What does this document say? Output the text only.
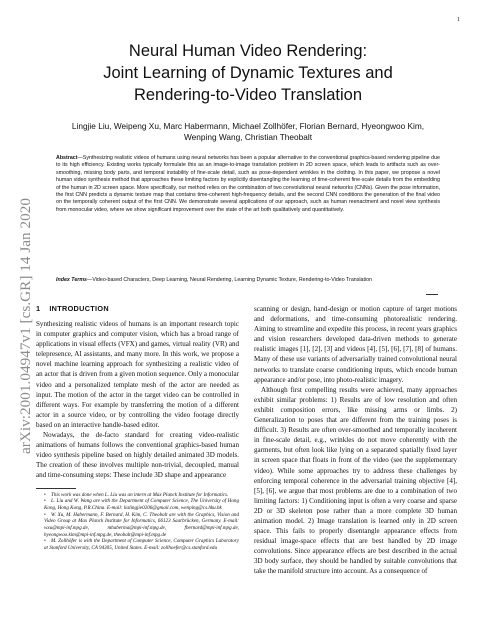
1
arXiv:2001.04947v1 [cs.GR] 14 Jan 2020
Neural Human Video Rendering:
Joint Learning of Dynamic Textures and
Rendering-to-Video Translation
Lingjie Liu, Weipeng Xu, Marc Habermann, Michael Zollhöfer, Florian Bernard, Hyeongwoo Kim,
Wenping Wang, Christian Theobalt
Abstract—Synthesizing realistic videos of humans using neural networks has been a popular alternative to the conventional graphics-based rendering pipeline due to its high efficiency. Existing works typically formulate this as an image-to-image translation problem in 2D screen space, which leads to artifacts such as over-smoothing, missing body parts, and temporal instability of fine-scale detail, such as pose-dependent wrinkles in the clothing. In this paper, we propose a novel human video synthesis method that approaches these limiting factors by explicitly disentangling the learning of time-coherent fine-scale details from the embedding of the human in 2D screen space. More specifically, our method relies on the combination of two convolutional neural networks (CNNs). Given the pose information, the first CNN predicts a dynamic texture map that contains time-coherent high-frequency details, and the second CNN conditions the generation of the final video on the temporally coherent output of the first CNN. We demonstrate several applications of our approach, such as human reenactment and novel view synthesis from monocular video, where we show significant improvement over the state of the art both qualitatively and quantitatively.
Index Terms—Video-based Characters, Deep Learning, Neural Rendering, Learning Dynamic Texture, Rendering-to-Video Translation
1 INTRODUCTION

Synthesizing realistic videos of humans is an important research topic in computer graphics and computer vision, which has a broad range of applications in visual effects (VFX) and games, virtual reality (VR) and telepresence, AI assistants, and many more. In this work, we propose a novel machine learning approach for synthesizing a realistic video of an actor that is driven from a given motion sequence. Only a monocular video and a personalized template mesh of the actor are needed as input. The motion of the actor in the target video can be controlled in different ways. For example by transferring the motion of a different actor in a source video, or by controlling the video footage directly based on an interactive handle-based editor.

Nowadays, the de-facto standard for creating video-realistic animations of humans follows the conventional graphics-based human video synthesis pipeline based on highly detailed animated 3D models. The creation of these involves multiple non-trivial, decoupled, manual and time-consuming steps: These include 3D shape and appearance

• This work was done when L. Liu was an intern at Max Planck Institute for Informatics.

• L. Liu and W. Wang are with the Department of Computer Science, The University of Hong Kong, Hong Kong, P.R.China. E-mail: lialingjie0206@gmail.com, wenping@cs.hku.hk

• W. Xu, M. Habermann, F. Bernard, H. Kim, C. Theobalt are with the Graphics, Vision and Video Group at Max Planck Institute for Informatics, 66123 Saarbrücken, Germany. E-mail: wxu@mpi-inf.mpg.de, mhaberma@mpi-inf.mpg.de, fbernard@mpi-inf.mpg.de, hyeongwoo.kim@mpi-inf.mpg.de, theobalt@mpi-inf.mpg.de

• M. Zollhöfer is with the Department of Computer Science, Computer Graphics Laboratory at Stanford University, CA 94305, United States. E-mail: zollhoefer@cs.stanford.edu

scanning or design, hand-design or motion capture of target motions and deformations, and time-consuming photorealistic rendering. Aiming to streamline and expedite this process, in recent years graphics and vision researchers developed data-driven methods to generate realistic images [1], [2], [3] and videos [4], [5], [6], [7], [8] of humans. Many of these use variants of adversarially trained convolutional neural networks to translate coarse conditioning inputs, which encode human appearance and/or pose, into photo-realistic imagery.

Although first compelling results were achieved, many approaches exhibit similar problems: 1) Results are of low resolution and often exhibit composition errors, like missing arms or limbs. 2) Generalization to poses that are different from the training poses is difficult. 3) Results are often over-smoothed and temporally incoherent in fine-scale detail, e.g., wrinkles do not move coherently with the garments, but often look like lying on a separated spatially fixed layer in screen space that floats in front of the video (see the supplementary video). While some approaches try to address these challenges by enforcing temporal coherence in the adversarial training objective [4], [5], [6], we argue that most problems are due to a combination of two limiting factors: 1) Conditioning input is often a very coarse and sparse 2D or 3D skeleton pose rather than a more complete 3D human animation model. 2) Image translation is learned only in 2D screen space. This fails to properly disentangle appearance effects from residual image-space effects that are best handled by 2D image convolutions. Since appearance effects are best described in the actual 3D body surface, they should be handled by suitable convolutions that take the manifold structure into account. As a consequence of
